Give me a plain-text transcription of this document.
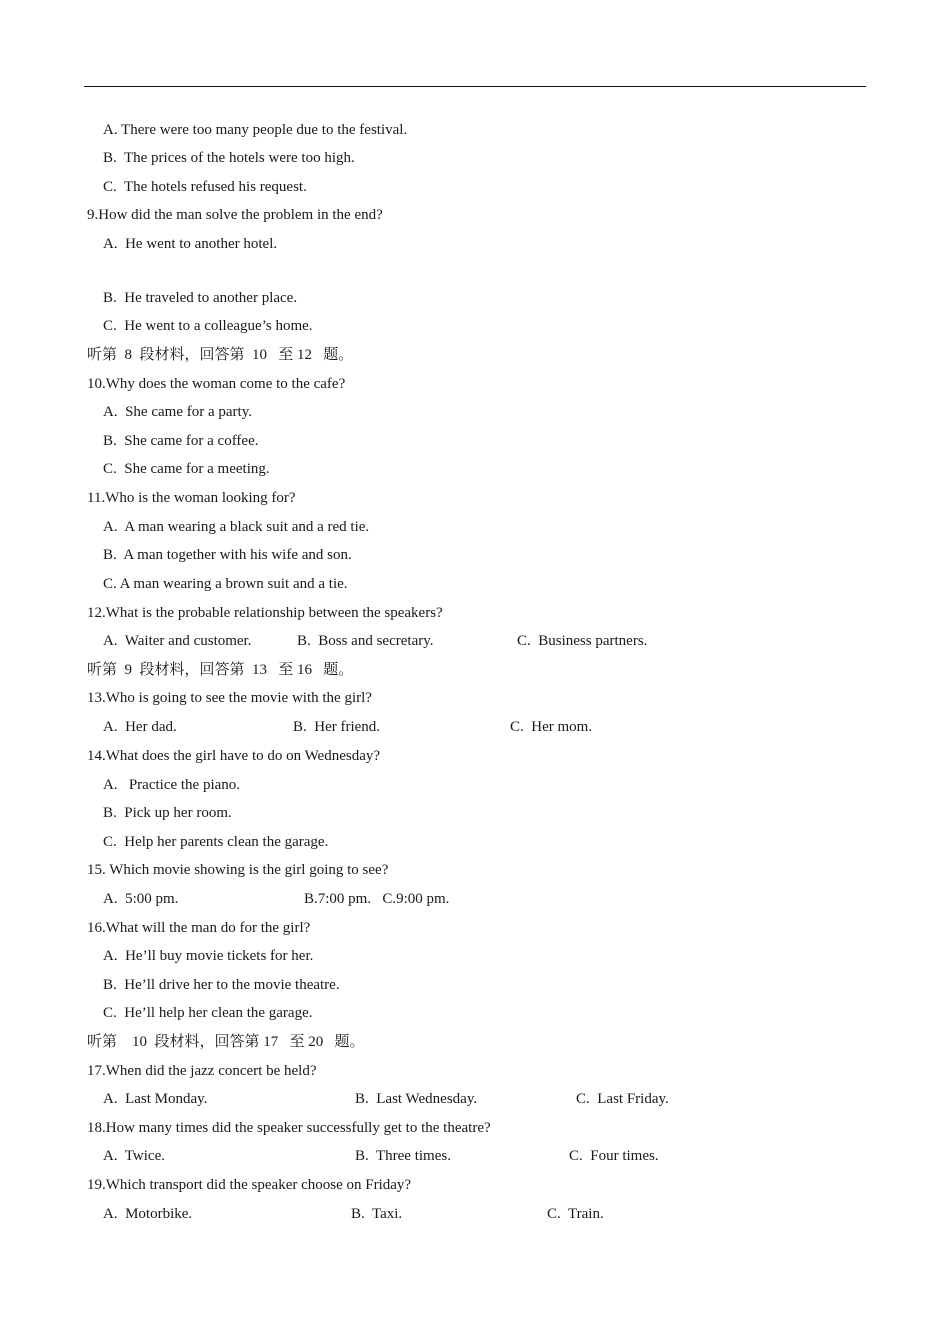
A. There were too many people due to the festival.
B.  The prices of the hotels were too high.
C.  The hotels refused his request.
9.How did the man solve the problem in the end?
A.  He went to another hotel.
B.  He traveled to another place.
C.  He went to a colleague’s home.
听第  8  段材料，回答第  10   至 12   题。
10.Why does the woman come to the cafe?
A.  She came for a party.
B.  She came for a coffee.
C.  She came for a meeting.
11.Who is the woman looking for?
A.  A man wearing a black suit and a red tie.
B.  A man together with his wife and son.
C. A man wearing a brown suit and a tie.
12.What is the probable relationship between the speakers?
A.  Waiter and customer.	B.  Boss and secretary.	C.  Business partners.
听第  9  段材料，回答第  13   至 16   题。
13.Who is going to see the movie with the girl?
A.  Her dad.	B.  Her friend.	C.  Her mom.
14.What does the girl have to do on Wednesday?
A.   Practice the piano.
B.  Pick up her room.
C.  Help her parents clean the garage.
15. Which movie showing is the girl going to see?
A.  5:00 pm.	B.7:00 pm.   C.9:00 pm.
16.What will the man do for the girl?
A.  He’ll buy movie tickets for her.
B.  He’ll drive her to the movie theatre.
C.  He’ll help her clean the garage.
听第    10  段材料，回答第 17   至 20   题。
17.When did the jazz concert be held?
A.  Last Monday.	B.  Last Wednesday.	C.  Last Friday.
18.How many times did the speaker successfully get to the theatre?
A.  Twice.	B.  Three times.	C.  Four times.
19.Which transport did the speaker choose on Friday?
A.  Motorbike.	B.  Taxi.	C.  Train.
